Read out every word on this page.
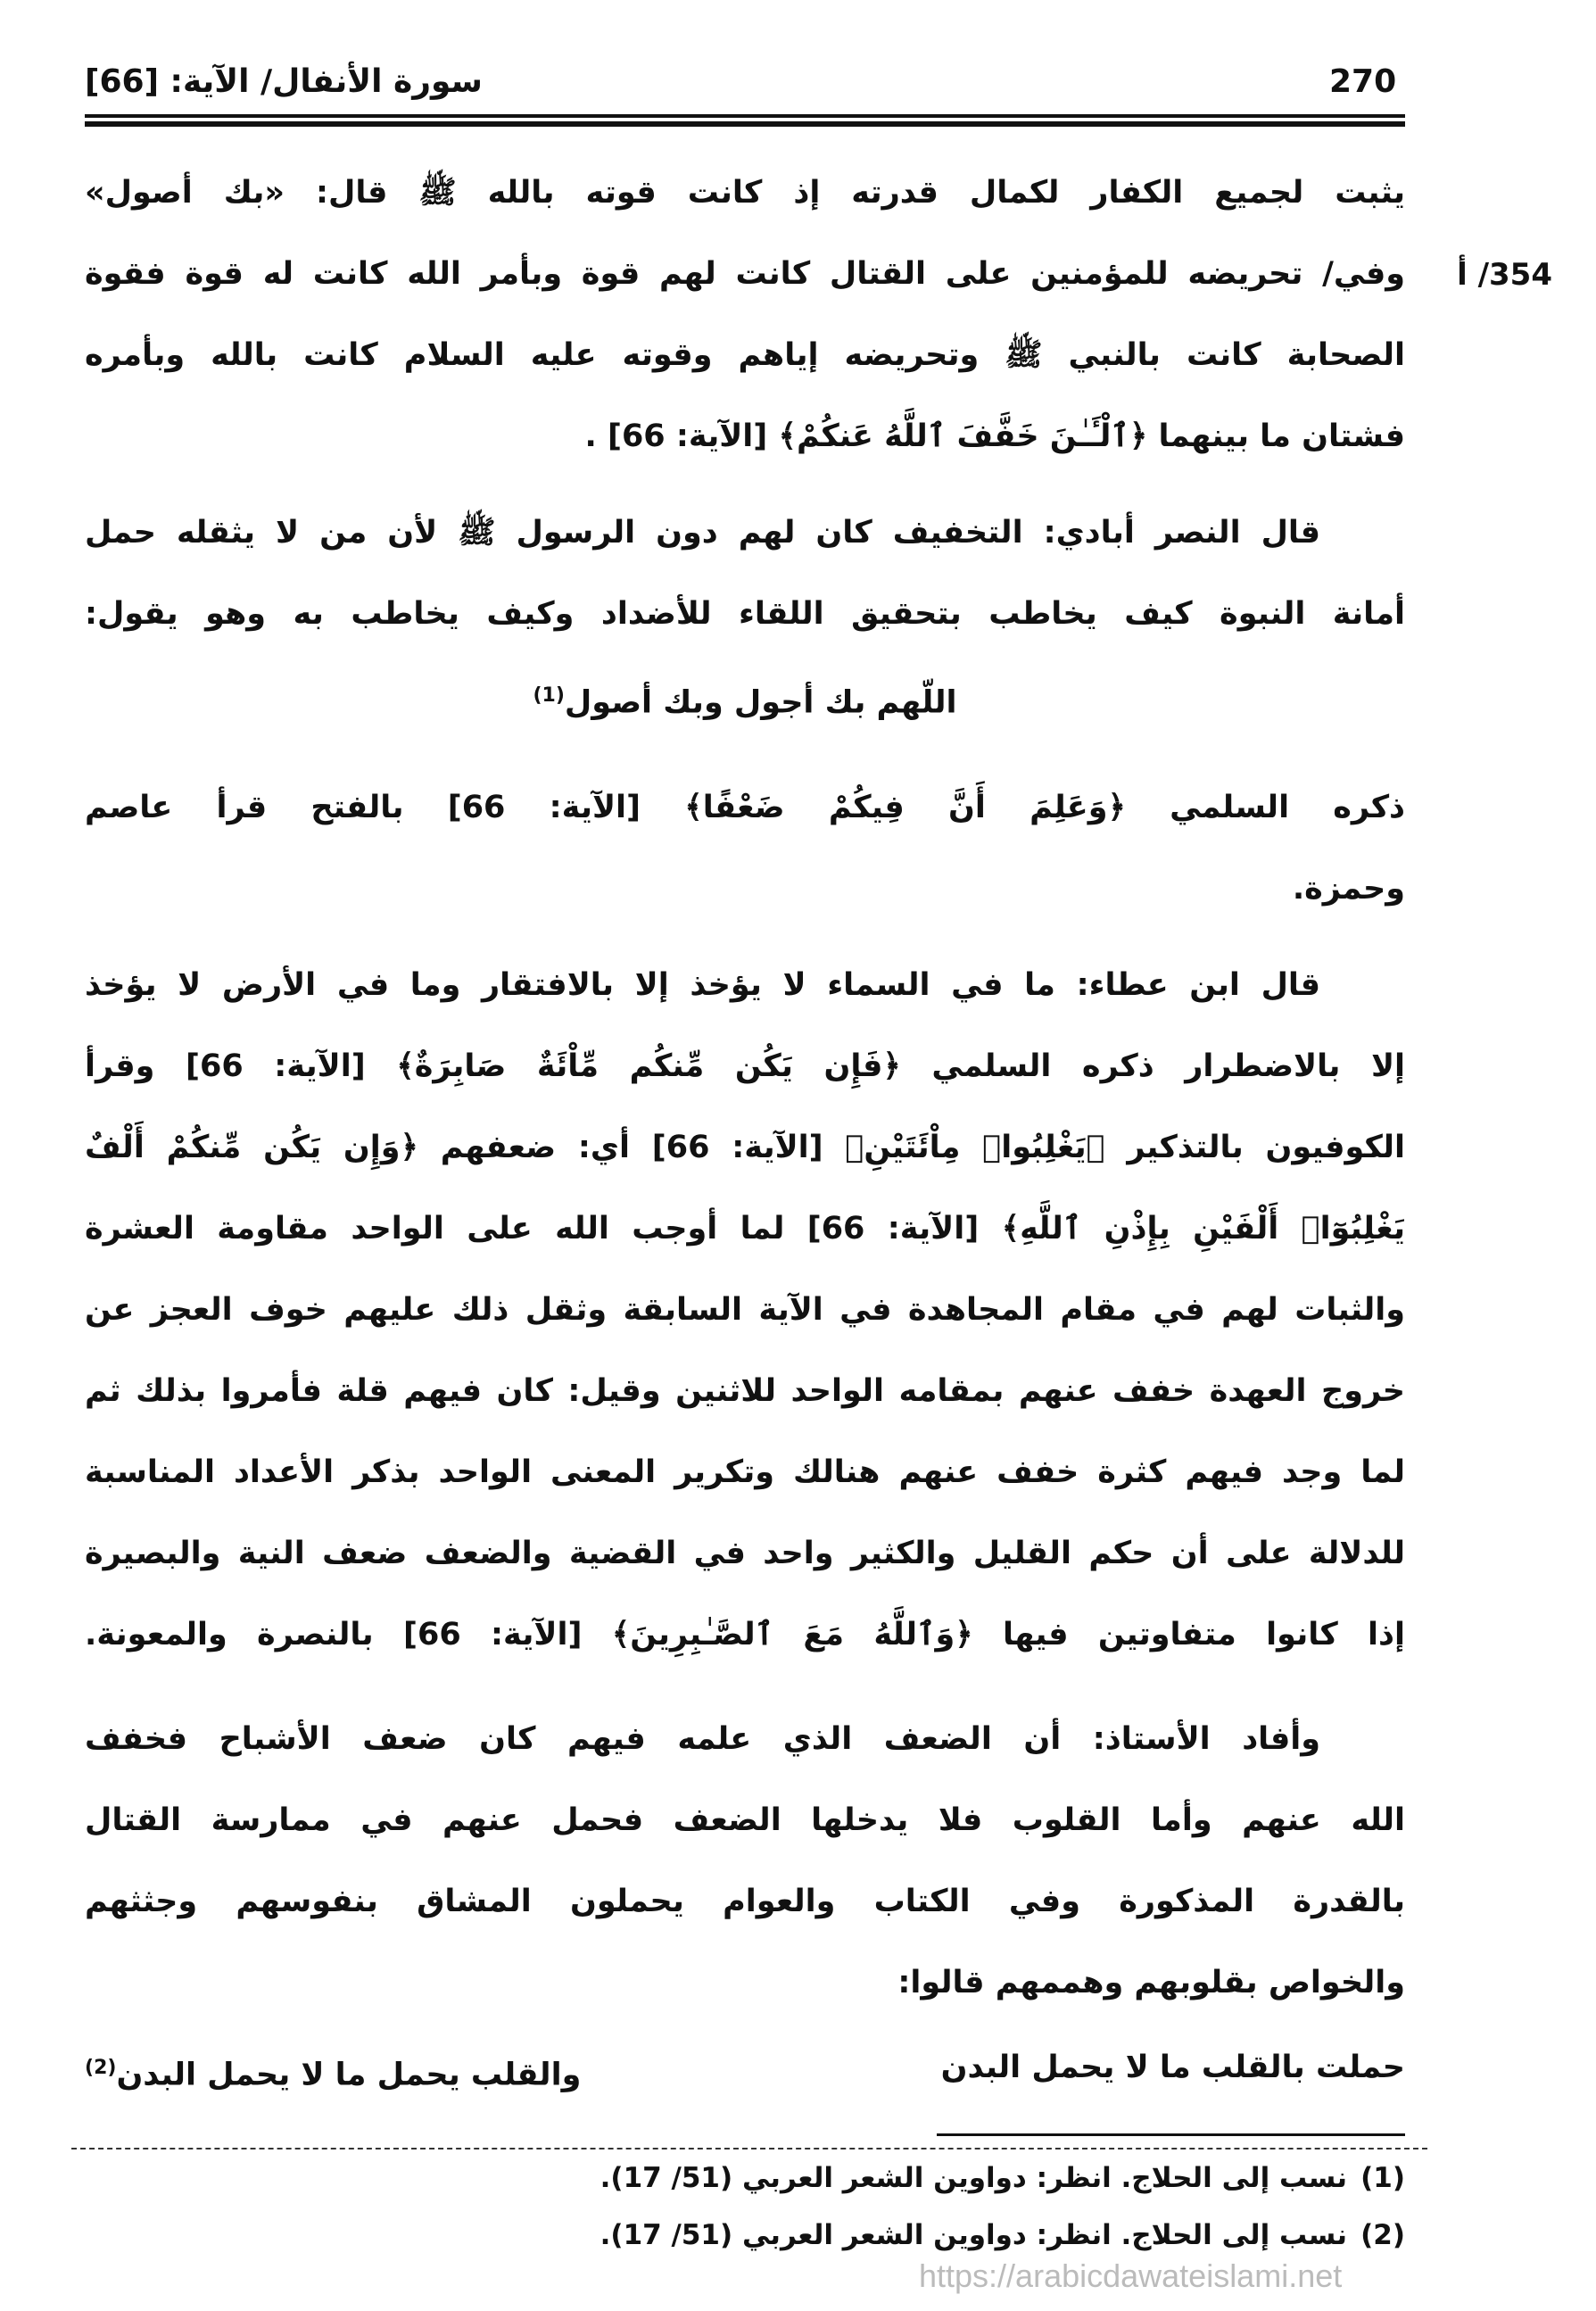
270
سورة الأنفال/ الآية: [66]
354/ أ
يثبت لجميع الكفار لكمال قدرته إذ كانت قوته بالله ﷺ قال: «بك أصول»
وفي/ تحريضه للمؤمنين على القتال كانت لهم قوة وبأمر الله كانت له قوة فقوة
الصحابة كانت بالنبي ﷺ وتحريضه إياهم وقوته عليه السلام كانت بالله وبأمره
فشتان ما بينهما ﴿ٱلْـَٔـٰنَ خَفَّفَ ٱللَّهُ عَنكُمْ﴾ [الآية: 66] .
قال النصر أبادي: التخفيف كان لهم دون الرسول ﷺ لأن من لا يثقله حمل
أمانة النبوة كيف يخاطب بتحقيق اللقاء للأضداد وكيف يخاطب به وهو يقول:
اللّهم بك أجول وبك أصول$^{(1)}$
ذكره السلمي ﴿وَعَلِمَ أَنَّ فِيكُمْ ضَعْفًا﴾ [الآية: 66] بالفتح قرأ عاصم
وحمزة.
قال ابن عطاء: ما في السماء لا يؤخذ إلا بالافتقار وما في الأرض لا يؤخذ
إلا بالاضطرار ذكره السلمي ﴿فَإِن يَكُن مِّنكُم مِّاْئَةٌ صَابِرَةٌ﴾ [الآية: 66] وقرأ
الكوفيون بالتذكير ﴿يَغْلِبُوا۟ مِاْئَتَيْنِ﴾ [الآية: 66] أي: ضعفهم ﴿وَإِن يَكُن مِّنكُمْ أَلْفٌ
يَغْلِبُوٓا۟ أَلْفَيْنِ بِإِذْنِ ٱللَّهِ﴾ [الآية: 66] لما أوجب الله على الواحد مقاومة العشرة
والثبات لهم في مقام المجاهدة في الآية السابقة وثقل ذلك عليهم خوف العجز عن
خروج العهدة خفف عنهم بمقامه الواحد للاثنين وقيل: كان فيهم قلة فأمروا بذلك ثم
لما وجد فيهم كثرة خفف عنهم هنالك وتكرير المعنى الواحد بذكر الأعداد المناسبة
للدلالة على أن حكم القليل والكثير واحد في القضية والضعف ضعف النية والبصيرة
إذا كانوا متفاوتين فيها ﴿وَٱللَّهُ مَعَ ٱلصَّـٰبِرِينَ﴾ [الآية: 66] بالنصرة والمعونة.
وأفاد الأستاذ: أن الضعف الذي علمه فيهم كان ضعف الأشباح فخفف
الله عنهم وأما القلوب فلا يدخلها الضعف فحمل عنهم في ممارسة القتال
بالقدرة المذكورة وفي الكتاب والعوام يحملون المشاق بنفوسهم وجثثهم
والخواص بقلوبهم وهممهم قالوا:
حملت بالقلب ما لا يحمل البدن
والقلب يحمل ما لا يحمل البدن$^{(2)}$
(1)نسب إلى الحلاج. انظر: دواوين الشعر العربي (51/ 17).
(2)نسب إلى الحلاج. انظر: دواوين الشعر العربي (51/ 17).
https://arabicdawateislami.net
